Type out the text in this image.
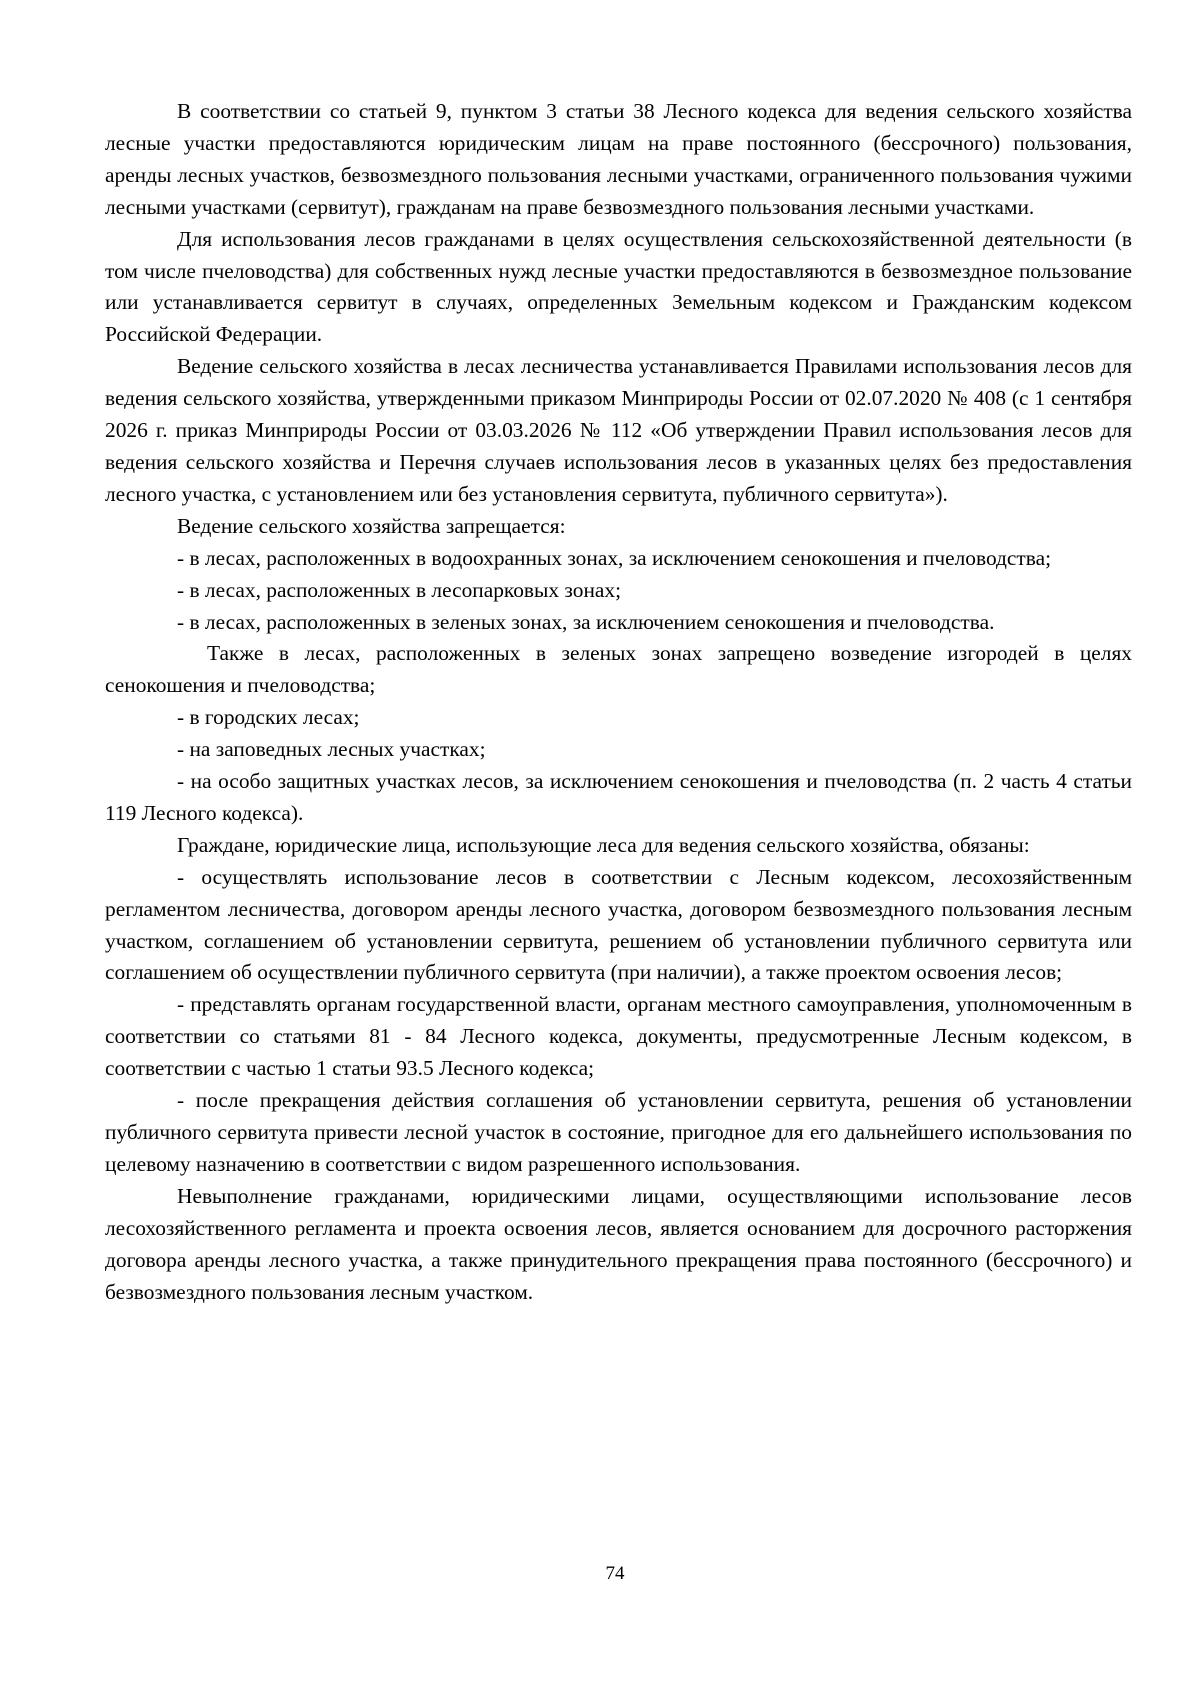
В соответствии со статьей 9, пунктом 3 статьи 38 Лесного кодекса для ведения сельского хозяйства лесные участки предоставляются юридическим лицам на праве постоянного (бессрочного) пользования, аренды лесных участков, безвозмездного пользования лесными участками, ограниченного пользования чужими лесными участками (сервитут), гражданам на праве безвозмездного пользования лесными участками.

Для использования лесов гражданами в целях осуществления сельскохозяйственной деятельности (в том числе пчеловодства) для собственных нужд лесные участки предоставляются в безвозмездное пользование или устанавливается сервитут в случаях, определенных Земельным кодексом и Гражданским кодексом Российской Федерации.

Ведение сельского хозяйства в лесах лесничества устанавливается Правилами использования лесов для ведения сельского хозяйства, утвержденными приказом Минприроды России от 02.07.2020 № 408 (с 1 сентября 2026 г. приказ Минприроды России от 03.03.2026 № 112 «Об утверждении Правил использования лесов для ведения сельского хозяйства и Перечня случаев использования лесов в указанных целях без предоставления лесного участка, с установлением или без установления сервитута, публичного сервитута»).

Ведение сельского хозяйства запрещается:

- в лесах, расположенных в водоохранных зонах, за исключением сенокошения и пчеловодства;

- в лесах, расположенных в лесопарковых зонах;

- в лесах, расположенных в зеленых зонах, за исключением сенокошения и пчеловодства.

Также в лесах, расположенных в зеленых зонах запрещено возведение изгородей в целях сенокошения и пчеловодства;

- в городских лесах;

- на заповедных лесных участках;

- на особо защитных участках лесов, за исключением сенокошения и пчеловодства (п. 2 часть 4 статьи 119 Лесного кодекса).

Граждане, юридические лица, использующие леса для ведения сельского хозяйства, обязаны:

- осуществлять использование лесов в соответствии с Лесным кодексом, лесохозяйственным регламентом лесничества, договором аренды лесного участка, договором безвозмездного пользования лесным участком, соглашением об установлении сервитута, решением об установлении публичного сервитута или соглашением об осуществлении публичного сервитута (при наличии), а также проектом освоения лесов;

- представлять органам государственной власти, органам местного самоуправления, уполномоченным в соответствии со статьями 81 - 84 Лесного кодекса, документы, предусмотренные Лесным кодексом, в соответствии с частью 1 статьи 93.5 Лесного кодекса;

- после прекращения действия соглашения об установлении сервитута, решения об установлении публичного сервитута привести лесной участок в состояние, пригодное для его дальнейшего использования по целевому назначению в соответствии с видом разрешенного использования.

Невыполнение гражданами, юридическими лицами, осуществляющими использование лесов лесохозяйственного регламента и проекта освоения лесов, является основанием для досрочного расторжения договора аренды лесного участка, а также принудительного прекращения права постоянного (бессрочного) и безвозмездного пользования лесным участком.

74
